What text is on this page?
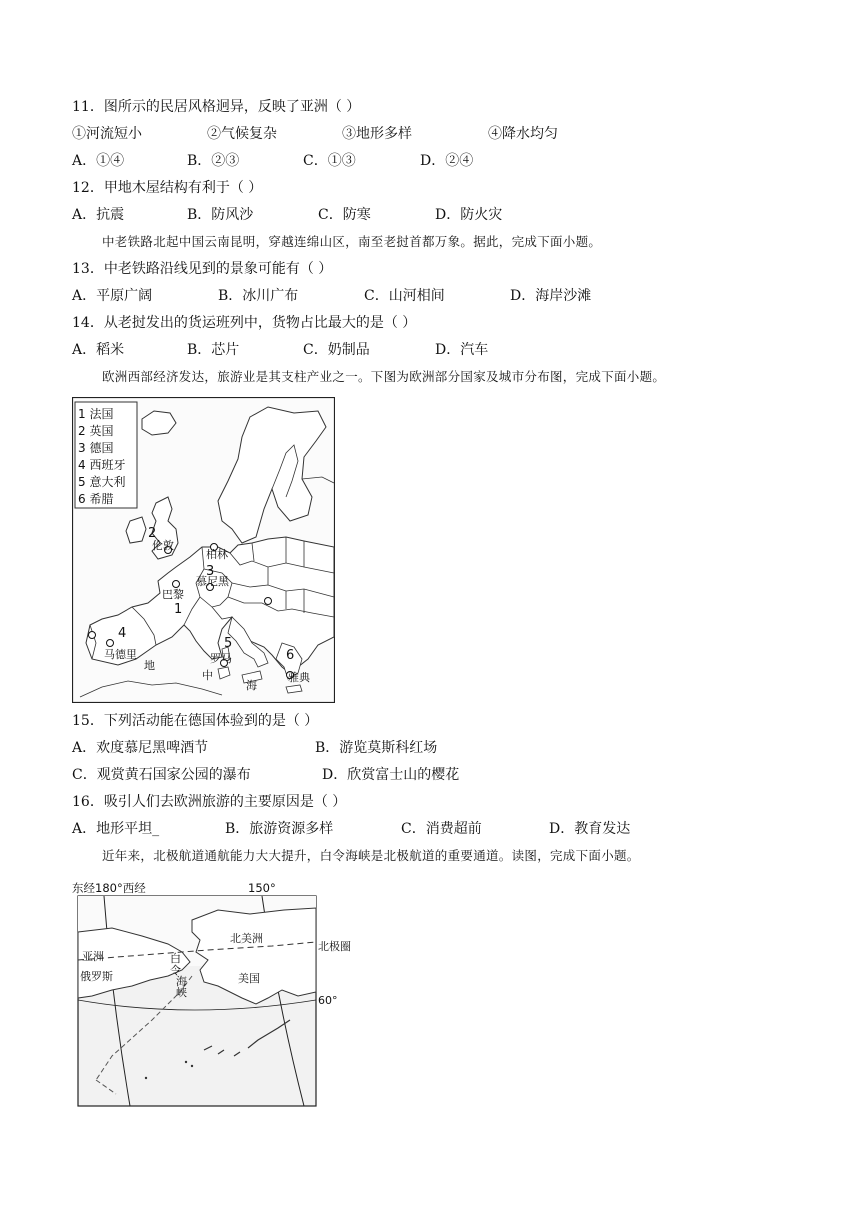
11．图所示的民居风格迥异，反映了亚洲（ ）
①河流短小	②气候复杂	③地形多样	④降水均匀
A．①④	B．②③	C．①③	D．②④
12．甲地木屋结构有利于（ ）
A．抗震	B．防风沙	C．防寒	D．防火灾
中老铁路北起中国云南昆明，穿越连绵山区，南至老挝首都万象。据此，完成下面小题。
13．中老铁路沿线见到的景象可能有（ ）
A．平原广阔	B．冰川广布	C．山河相间	D．海岸沙滩
14．从老挝发出的货运班列中，货物占比最大的是（ ）
A．稻米	B．芯片	C．奶制品	D．汽车
欧洲西部经济发达，旅游业是其支柱产业之一。下图为欧洲部分国家及城市分布图，完成下面小题。
1 法国
2 英国
3 德国
4 西班牙
5 意大利
6 希腊
2
3
1
4
5
6
伦敦
柏林
巴黎
慕尼黑
马德里	罗马
雅典
地
中
海
15．下列活动能在德国体验到的是（ ）
A．欢度慕尼黑啤酒节	B．游览莫斯科红场
C．观赏黄石国家公园的瀑布	D．欣赏富士山的樱花
16．吸引人们去欧洲旅游的主要原因是（ ）
A．地形平坦_	B．旅游资源多样	C．消费超前	D．教育发达
近年来，北极航道通航能力大大提升，白令海峡是北极航道的重要通道。读图，完成下面小题。
东经180°西经	150°
北美洲
北极圈
亚洲
俄罗斯	美国
60°
白
令
海
峡
